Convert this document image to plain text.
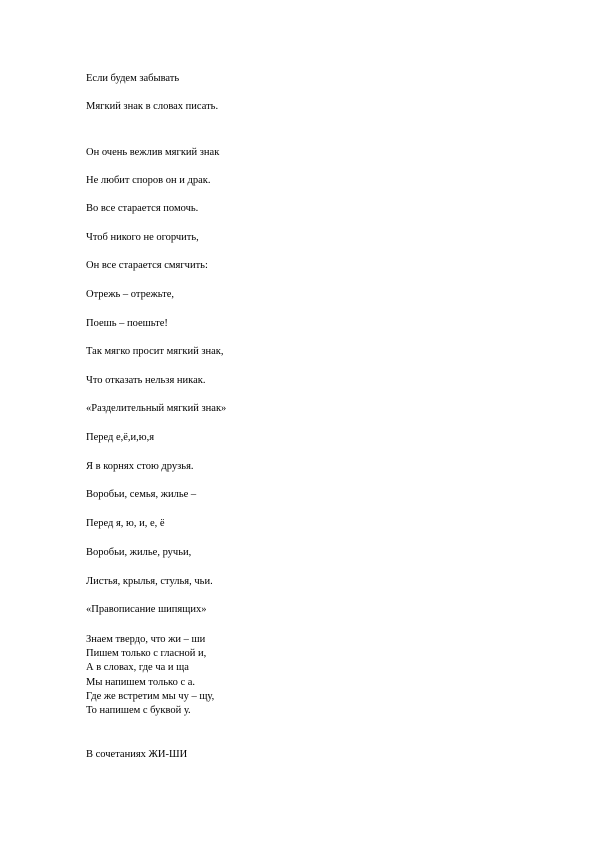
Если будем забывать

Мягкий знак в словах писать.

Он очень вежлив мягкий знак

Не любит споров он и драк.

Во все старается помочь.

Чтоб никого не огорчить,

Он все старается смягчить:

Отрежь – отрежьте,

Поешь – поешьте!

Так мягко просит мягкий знак,

Что отказать нельзя никак.

«Разделительный мягкий знак»

Перед е,ё,и,ю,я

Я в корнях стою друзья.

Воробьи, семья, жилье –

Перед я, ю, и, е, ё

Воробьи, жилье, ручьи,

Листья, крылья, стулья, чьи.

«Правописание шипящих»

Знаем твердо, что жи – ши

Пишем только с гласной и,

А в словах, где ча и ща

Мы напишем только с а.

Где же встретим мы чу – щу,

То напишем с буквой у.

В сочетаниях ЖИ-ШИ
